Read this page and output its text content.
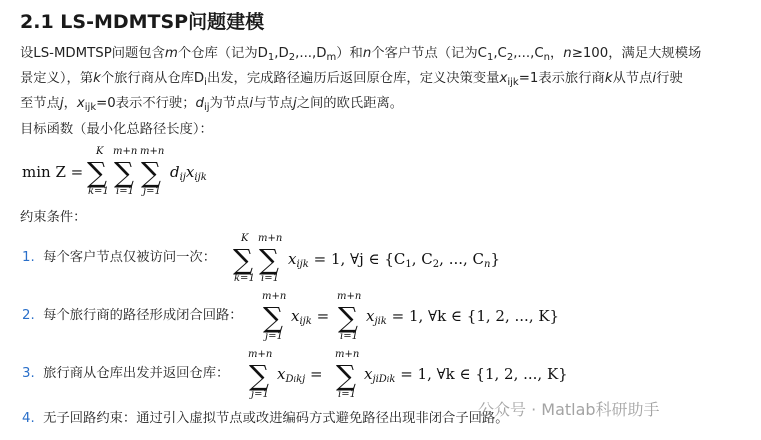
2.1 LS-MDMTSP问题建模
设LS-MDMTSP问题包含m个仓库（记为$D_1,D_2,...,D_m$）和n个客户节点（记为$C_1,C_2,...,C_n$，n≥100，满足大规模场
景定义），第k个旅行商从仓库$D_i$出发，完成路径遍历后返回原仓库，定义决策变量$x_{ijk}=1$表示旅行商k从节点i行驶
至节点j，$x_{ijk}=0$表示不行驶；$d_{ij}$为节点i与节点j之间的欧氏距离。
目标函数（最小化总路径长度）：
min Z =
K
∑
k=1
m+n
∑
i=1
m+n
∑
j=1
$d_{ij}x_{ijk}$
约束条件：
1. 每个客户节点仅被访问一次：
K
∑
k=1
m+n
∑
i=1
$x_{ijk} = 1$, ∀j ∈ {$C_1$, $C_2$, ..., $C_n$}
2. 每个旅行商的路径形成闭合回路：
m+n
∑
j=1
$x_{ijk}$ =
m+n
∑
i=1
$x_{jik} = 1$, ∀k ∈ {1, 2, ..., K}
3. 旅行商从仓库出发并返回仓库：
m+n
∑
j=1
$x_{Dikj}$ =
m+n
∑
i=1
$x_{jiDik} = 1$, ∀k ∈ {1, 2, ..., K}
4. 无子回路约束：通过引入虚拟节点或改进编码方式避免路径出现非闭合子回路。
公众号 · Matlab科研助手
